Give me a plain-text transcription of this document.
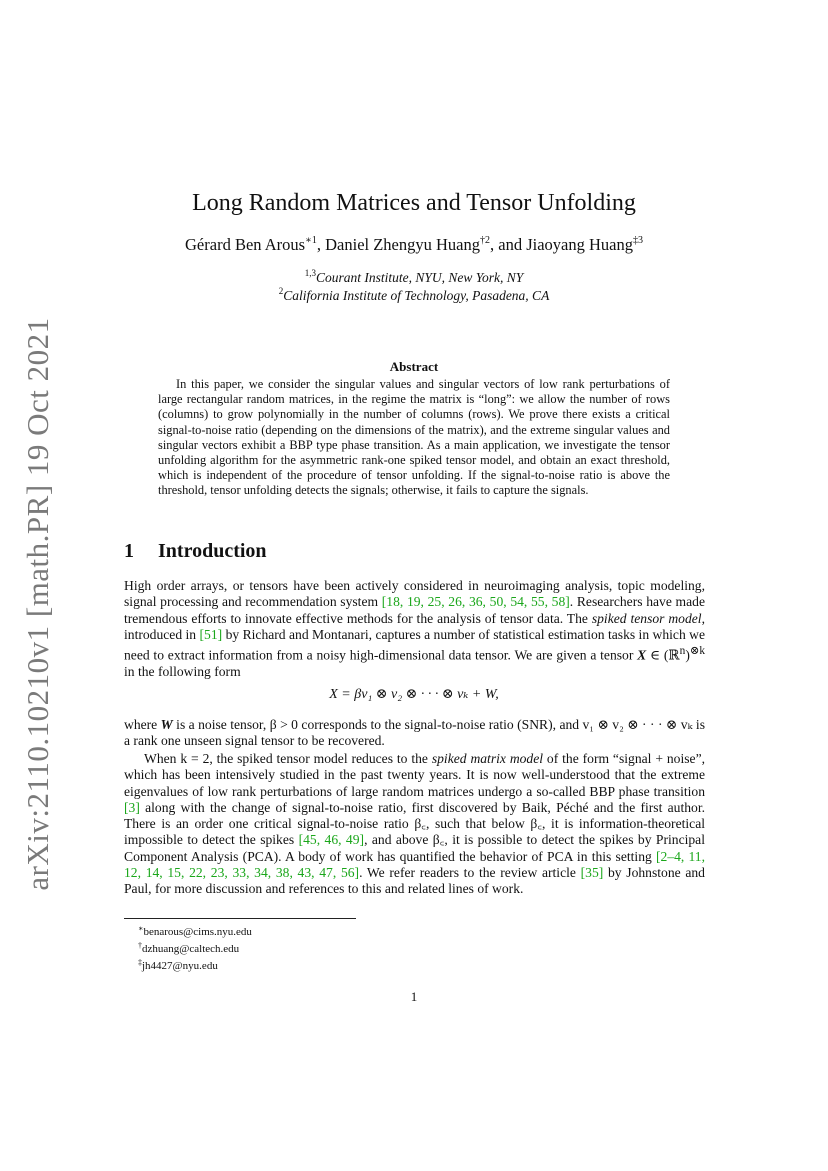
arXiv:2110.10210v1 [math.PR] 19 Oct 2021
Long Random Matrices and Tensor Unfolding
Gérard Ben Arous$^{∗1}$, Daniel Zhengyu Huang$^{\dagger 2}$, and Jiaoyang Huang$^{\ddagger 3}$
$^{1,3}$Courant Institute, NYU, New York, NY
$^2$California Institute of Technology, Pasadena, CA
Abstract
In this paper, we consider the singular values and singular vectors of low rank perturbations of large rectangular random matrices, in the regime the matrix is “long”: we allow the number of rows (columns) to grow polynomially in the number of columns (rows). We prove there exists a critical signal-to-noise ratio (depending on the dimensions of the matrix), and the extreme singular values and singular vectors exhibit a BBP type phase transition. As a main application, we investigate the tensor unfolding algorithm for the asymmetric rank-one spiked tensor model, and obtain an exact threshold, which is independent of the procedure of tensor unfolding. If the signal-to-noise ratio is above the threshold, tensor unfolding detects the signals; otherwise, it fails to capture the signals.
1 Introduction
High order arrays, or tensors have been actively considered in neuroimaging analysis, topic modeling, signal processing and recommendation system [18, 19, 25, 26, 36, 50, 54, 55, 58]. Researchers have made tremendous efforts to innovate effective methods for the analysis of tensor data. The spiked tensor model, introduced in [51] by Richard and Montanari, captures a number of statistical estimation tasks in which we need to extract information from a noisy high-dimensional data tensor. We are given a tensor X ∈ (ℝ$^n$)$^{\otimes k}$ in the following form
X = βv₁ ⊗ v₂ ⊗ · · · ⊗ vₖ + W,
where W is a noise tensor, β > 0 corresponds to the signal-to-noise ratio (SNR), and v₁ ⊗ v₂ ⊗ · · · ⊗ vₖ is a rank one unseen signal tensor to be recovered.
When k = 2, the spiked tensor model reduces to the spiked matrix model of the form “signal + noise”, which has been intensively studied in the past twenty years. It is now well-understood that the extreme eigenvalues of low rank perturbations of large random matrices undergo a so-called BBP phase transition [3] along with the change of signal-to-noise ratio, first discovered by Baik, Péché and the first author. There is an order one critical signal-to-noise ratio β꜀, such that below β꜀, it is information-theoretical impossible to detect the spikes [45, 46, 49], and above β꜀, it is possible to detect the spikes by Principal Component Analysis (PCA). A body of work has quantified the behavior of PCA in this setting [2–4, 11, 12, 14, 15, 22, 23, 33, 34, 38, 43, 47, 56]. We refer readers to the review article [35] by Johnstone and Paul, for more discussion and references to this and related lines of work.
∗benarous@cims.nyu.edu
†dzhuang@caltech.edu
‡jh4427@nyu.edu
1
